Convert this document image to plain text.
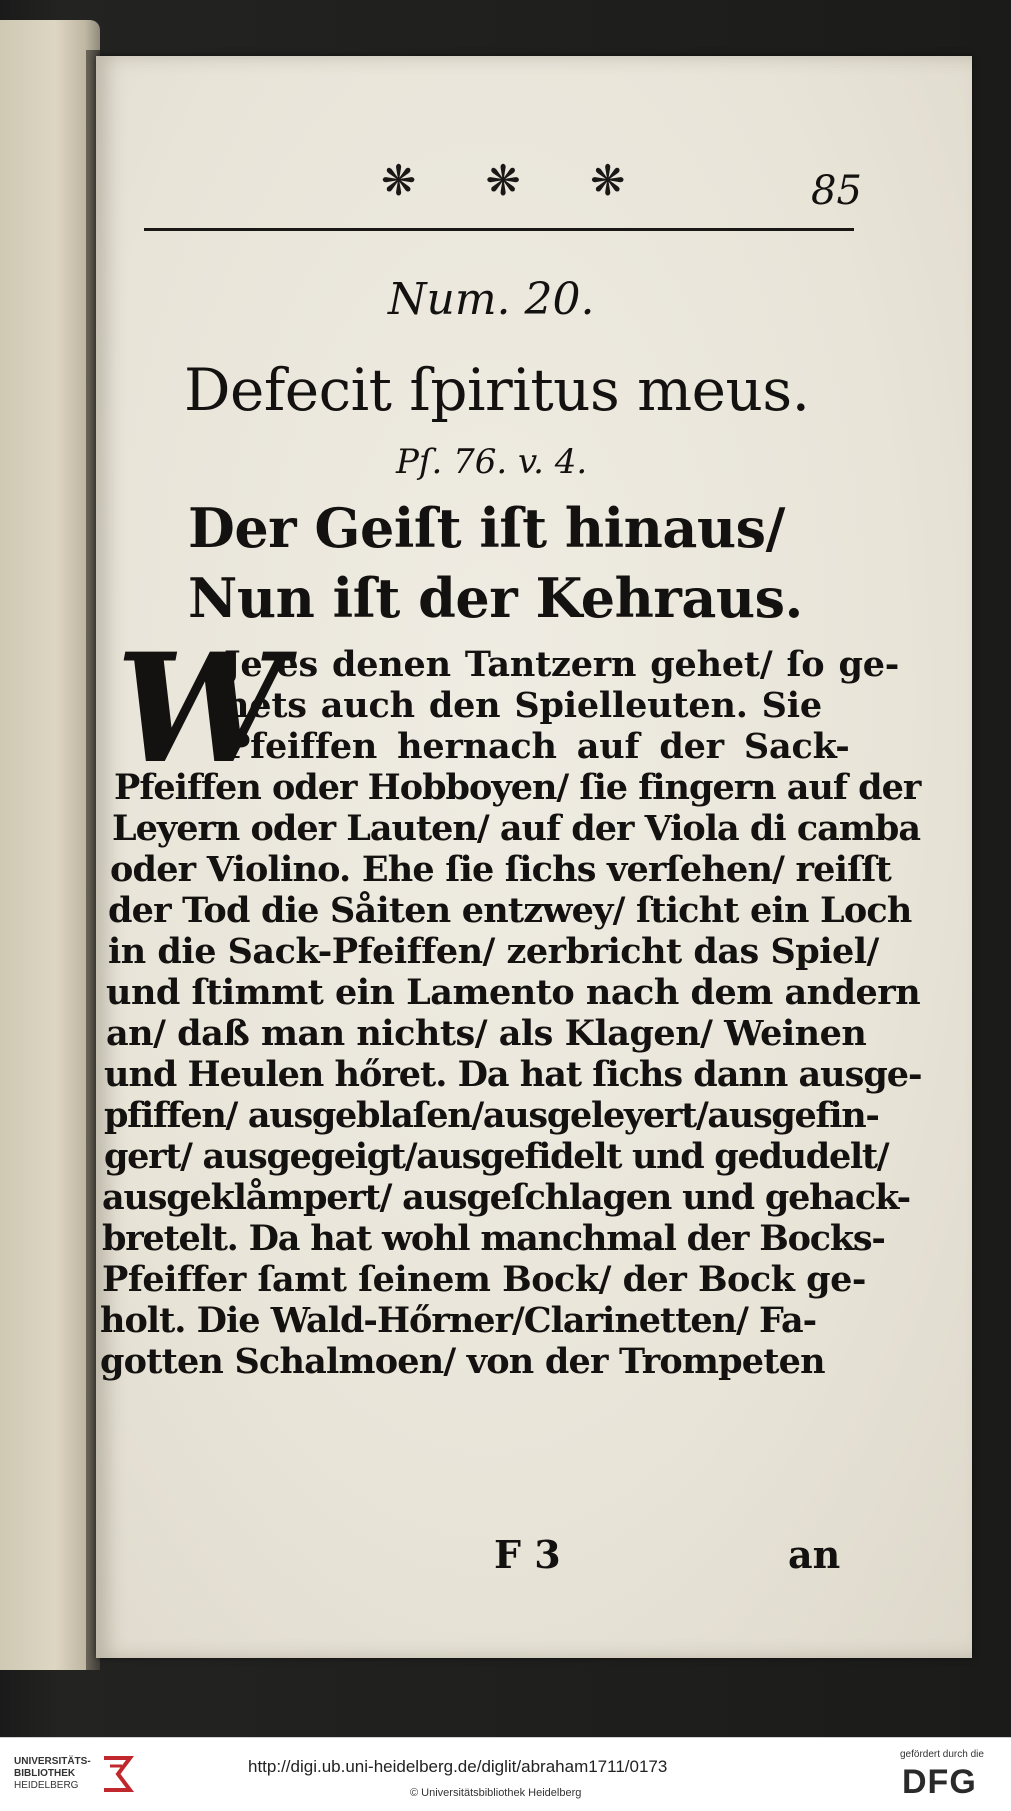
❋ ❋ ❋	85
Num. 20.
Defecit ſpiritus meus.
Pſ. 76. v. 4.
Der Geiſt iſt hinaus/
Nun iſt der Kehraus.
W
Je es denen Tantzern gehet/ ſo ge-
hets auch den Spielleuten. Sie
Pfeiffen hernach auf der Sack-
Pfeiffen oder Hobboyen/ ſie fingern auf der
Leyern oder Lauten/ auf der Viola di camba
oder Violino. Ehe ſie ſichs verſehen/ reiſſt
der Tod die Såiten entzwey/ ſticht ein Loch
in die Sack-Pfeiffen/ zerbricht das Spiel/
und ſtimmt ein Lamento nach dem andern
an/ daß man nichts/ als Klagen/ Weinen
und Heulen hőret. Da hat ſichs dann ausge-
pfiffen/ ausgeblaſen/ausgeleyert/ausgefin-
gert/ ausgegeigt/ausgefidelt und gedudelt/
ausgeklåmpert/ ausgeſchlagen und gehack-
bretelt. Da hat wohl manchmal der Bocks-
Pfeiffer ſamt ſeinem Bock/ der Bock ge-
holt. Die Wald-Hőrner/Clarinetten/ Fa-
gotten Schalmoen/ von der Trompeten
F 3	an
UNIVERSITÄTS-
BIBLIOTHEK
HEIDELBERG
http://digi.ub.uni-heidelberg.de/diglit/abraham1711/0173
© Universitätsbibliothek Heidelberg
gefördert durch die
DFG
